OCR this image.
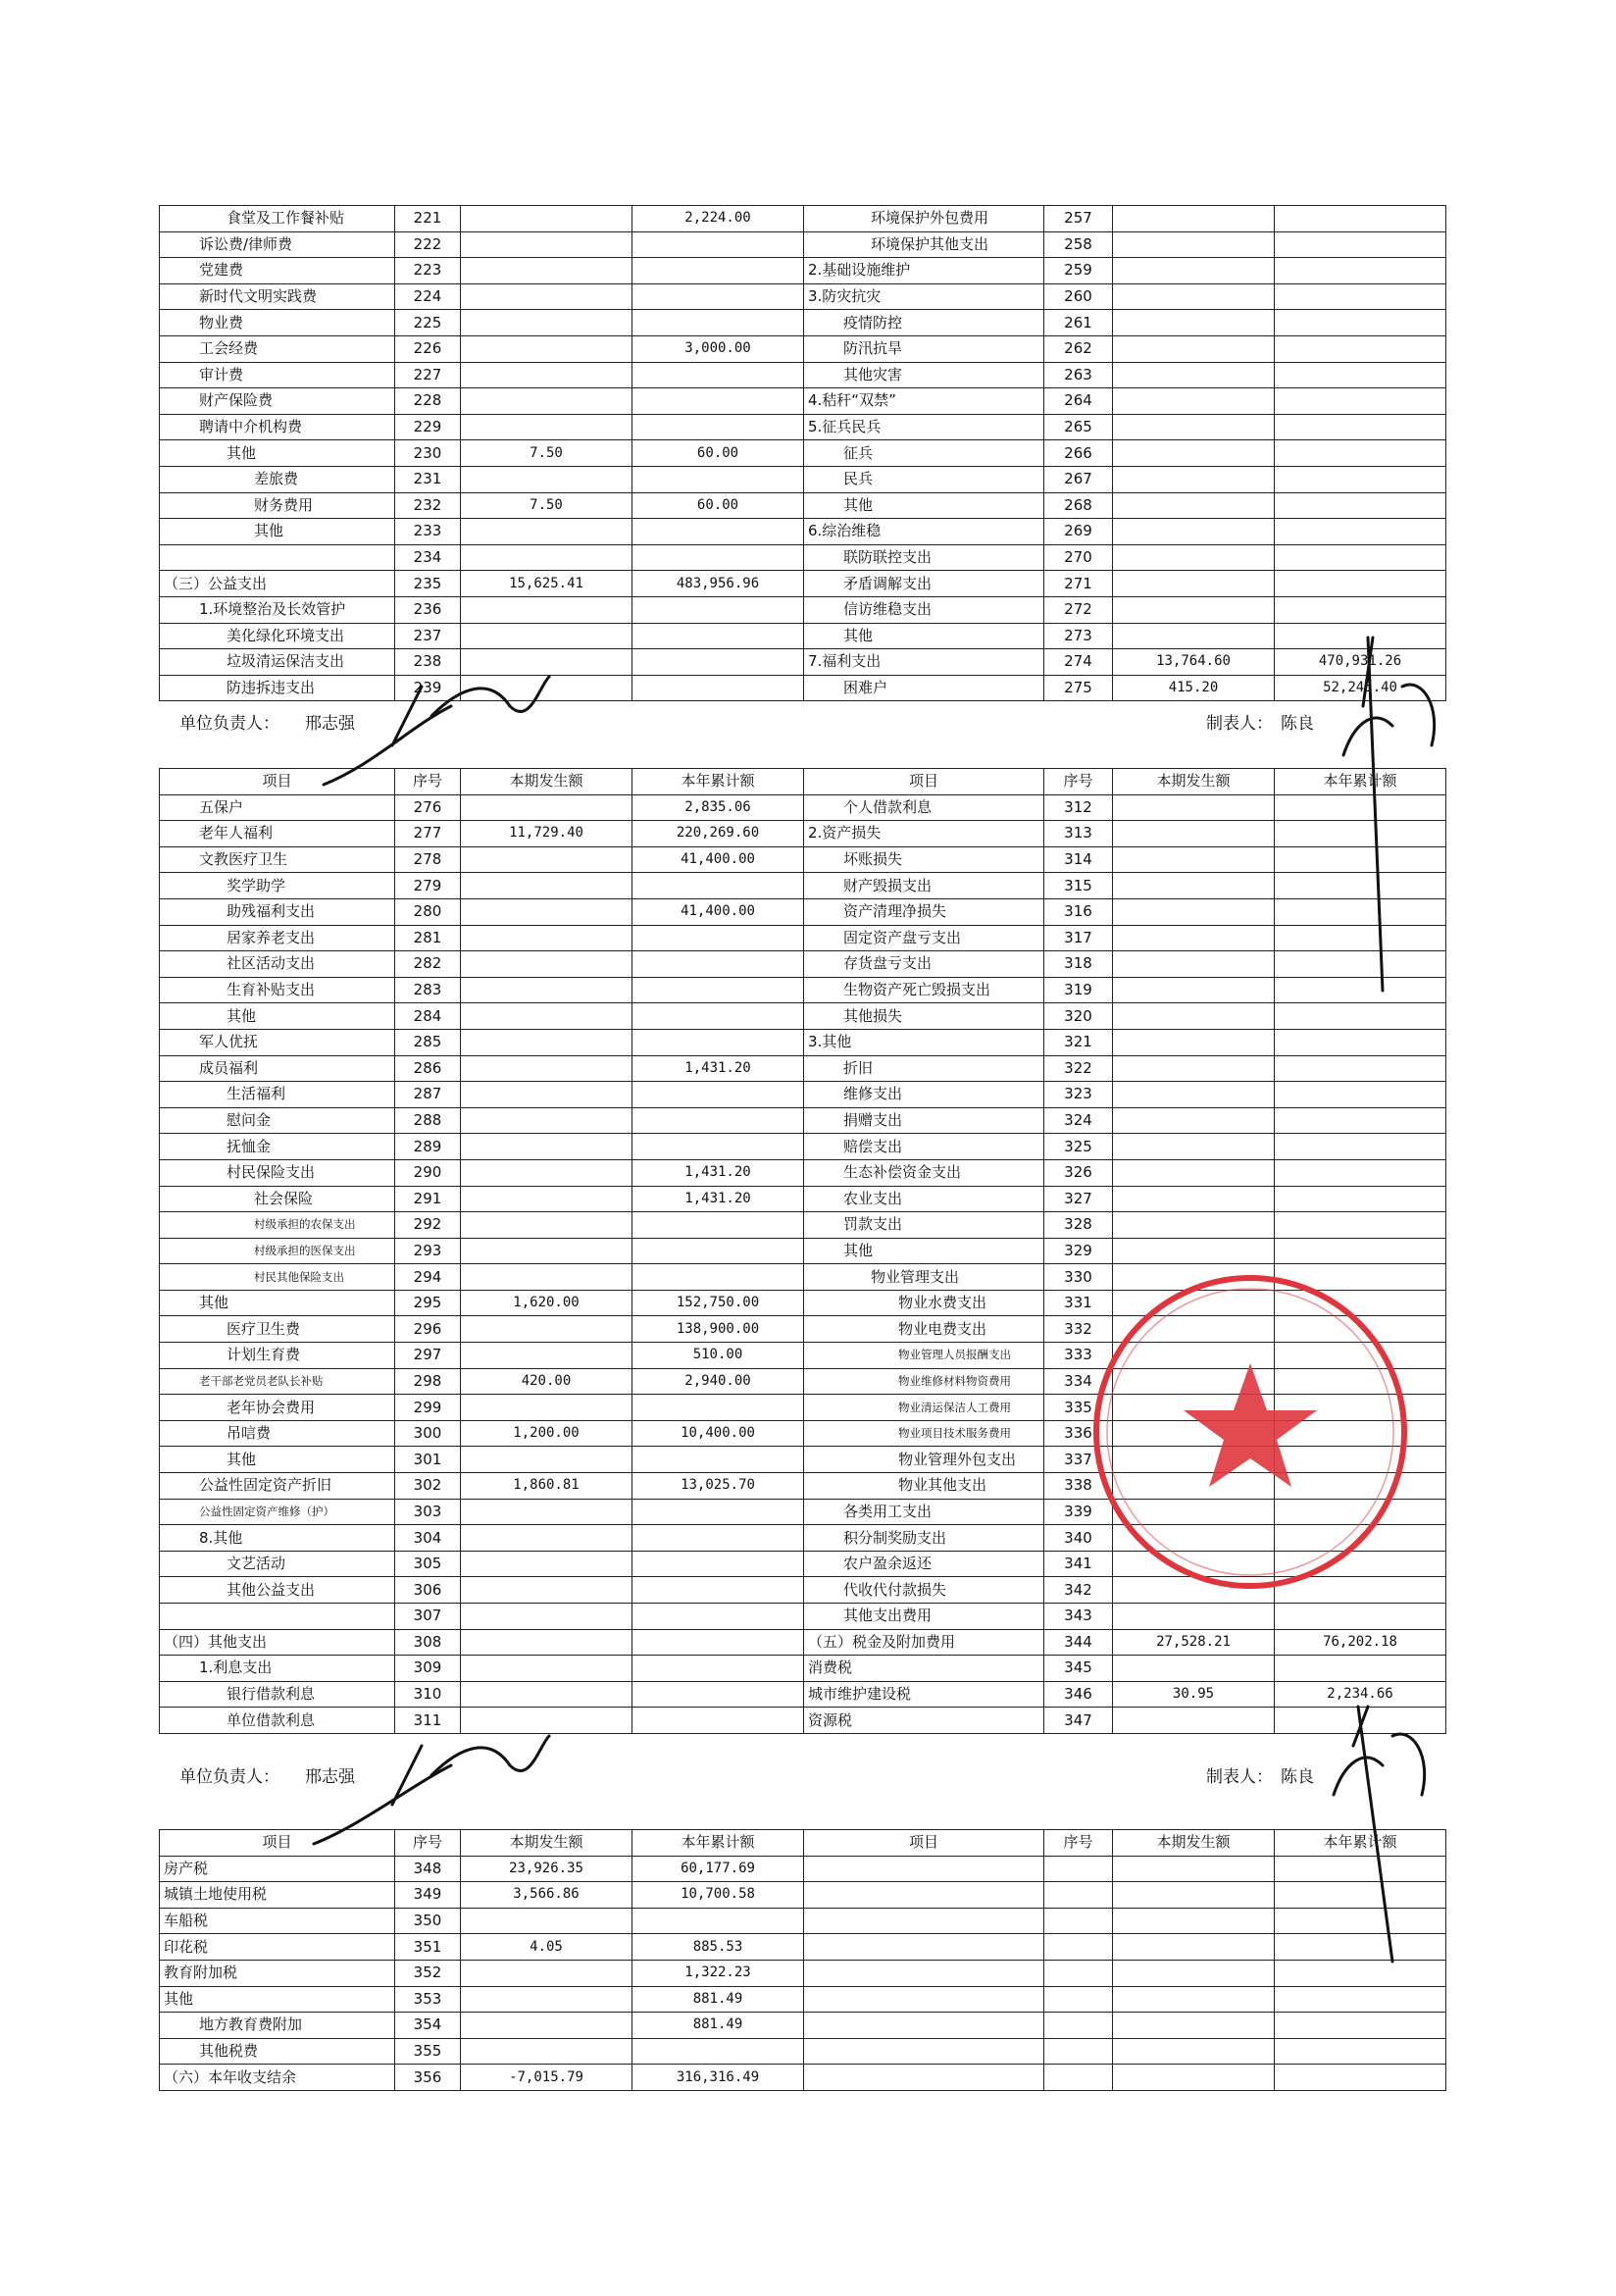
食堂及工作餐补贴	221		2,224.00	环境保护外包费用	257		
诉讼费/律师费	222			环境保护其他支出	258		
党建费	223			2.基础设施维护	259		
新时代文明实践费	224			3.防灾抗灾	260		
物业费	225			疫情防控	261		
工会经费	226		3,000.00	防汛抗旱	262		
审计费	227			其他灾害	263		
财产保险费	228			4.秸秆“双禁”	264		
聘请中介机构费	229			5.征兵民兵	265		
其他	230	7.50	60.00	征兵	266		
差旅费	231			民兵	267		
财务费用	232	7.50	60.00	其他	268		
其他	233			6.综治维稳	269		
	234			联防联控支出	270		
（三）公益支出	235	15,625.41	483,956.96	矛盾调解支出	271		
1.环境整治及长效管护	236			信访维稳支出	272		
美化绿化环境支出	237			其他	273		
垃圾清运保洁支出	238			7.福利支出	274	13,764.60	470,931.26
防违拆违支出	239			困难户	275	415.20	52,245.40
单位负责人： 邢志强	制表人： 陈良
项目	序号	本期发生额	本年累计额	项目	序号	本期发生额	本年累计额
五保户	276		2,835.06	个人借款利息	312		
老年人福利	277	11,729.40	220,269.60	2.资产损失	313		
文教医疗卫生	278		41,400.00	坏账损失	314		
奖学助学	279			财产毁损支出	315		
助残福利支出	280		41,400.00	资产清理净损失	316		
居家养老支出	281			固定资产盘亏支出	317		
社区活动支出	282			存货盘亏支出	318		
生育补贴支出	283			生物资产死亡毁损支出	319		
其他	284			其他损失	320		
军人优抚	285			3.其他	321		
成员福利	286		1,431.20	折旧	322		
生活福利	287			维修支出	323		
慰问金	288			捐赠支出	324		
抚恤金	289			赔偿支出	325		
村民保险支出	290		1,431.20	生态补偿资金支出	326		
社会保险	291		1,431.20	农业支出	327		
村级承担的农保支出	292			罚款支出	328		
村级承担的医保支出	293			其他	329		
村民其他保险支出	294			物业管理支出	330		
其他	295	1,620.00	152,750.00	物业水费支出	331		
医疗卫生费	296		138,900.00	物业电费支出	332		
计划生育费	297		510.00	物业管理人员报酬支出	333		
老干部老党员老队长补贴	298	420.00	2,940.00	物业维修材料物资费用	334		
老年协会费用	299			物业清运保洁人工费用	335		
吊唁费	300	1,200.00	10,400.00	物业项目技术服务费用	336		
其他	301			物业管理外包支出	337		
公益性固定资产折旧	302	1,860.81	13,025.70	物业其他支出	338		
公益性固定资产维修（护）	303			各类用工支出	339		
8.其他	304			积分制奖励支出	340		
文艺活动	305			农户盈余返还	341		
其他公益支出	306			代收代付款损失	342		
	307			其他支出费用	343		
（四）其他支出	308			（五）税金及附加费用	344	27,528.21	76,202.18
1.利息支出	309			消费税	345		
银行借款利息	310			城市维护建设税	346	30.95	2,234.66
单位借款利息	311			资源税	347		
单位负责人： 邢志强	制表人： 陈良
项目	序号	本期发生额	本年累计额	项目	序号	本期发生额	本年累计额
房产税	348	23,926.35	60,177.69				
城镇土地使用税	349	3,566.86	10,700.58				
车船税	350						
印花税	351	4.05	885.53				
教育附加税	352		1,322.23				
其他	353		881.49				
地方教育费附加	354		881.49				
其他税费	355						
（六）本年收支结余	356	-7,015.79	316,316.49				
